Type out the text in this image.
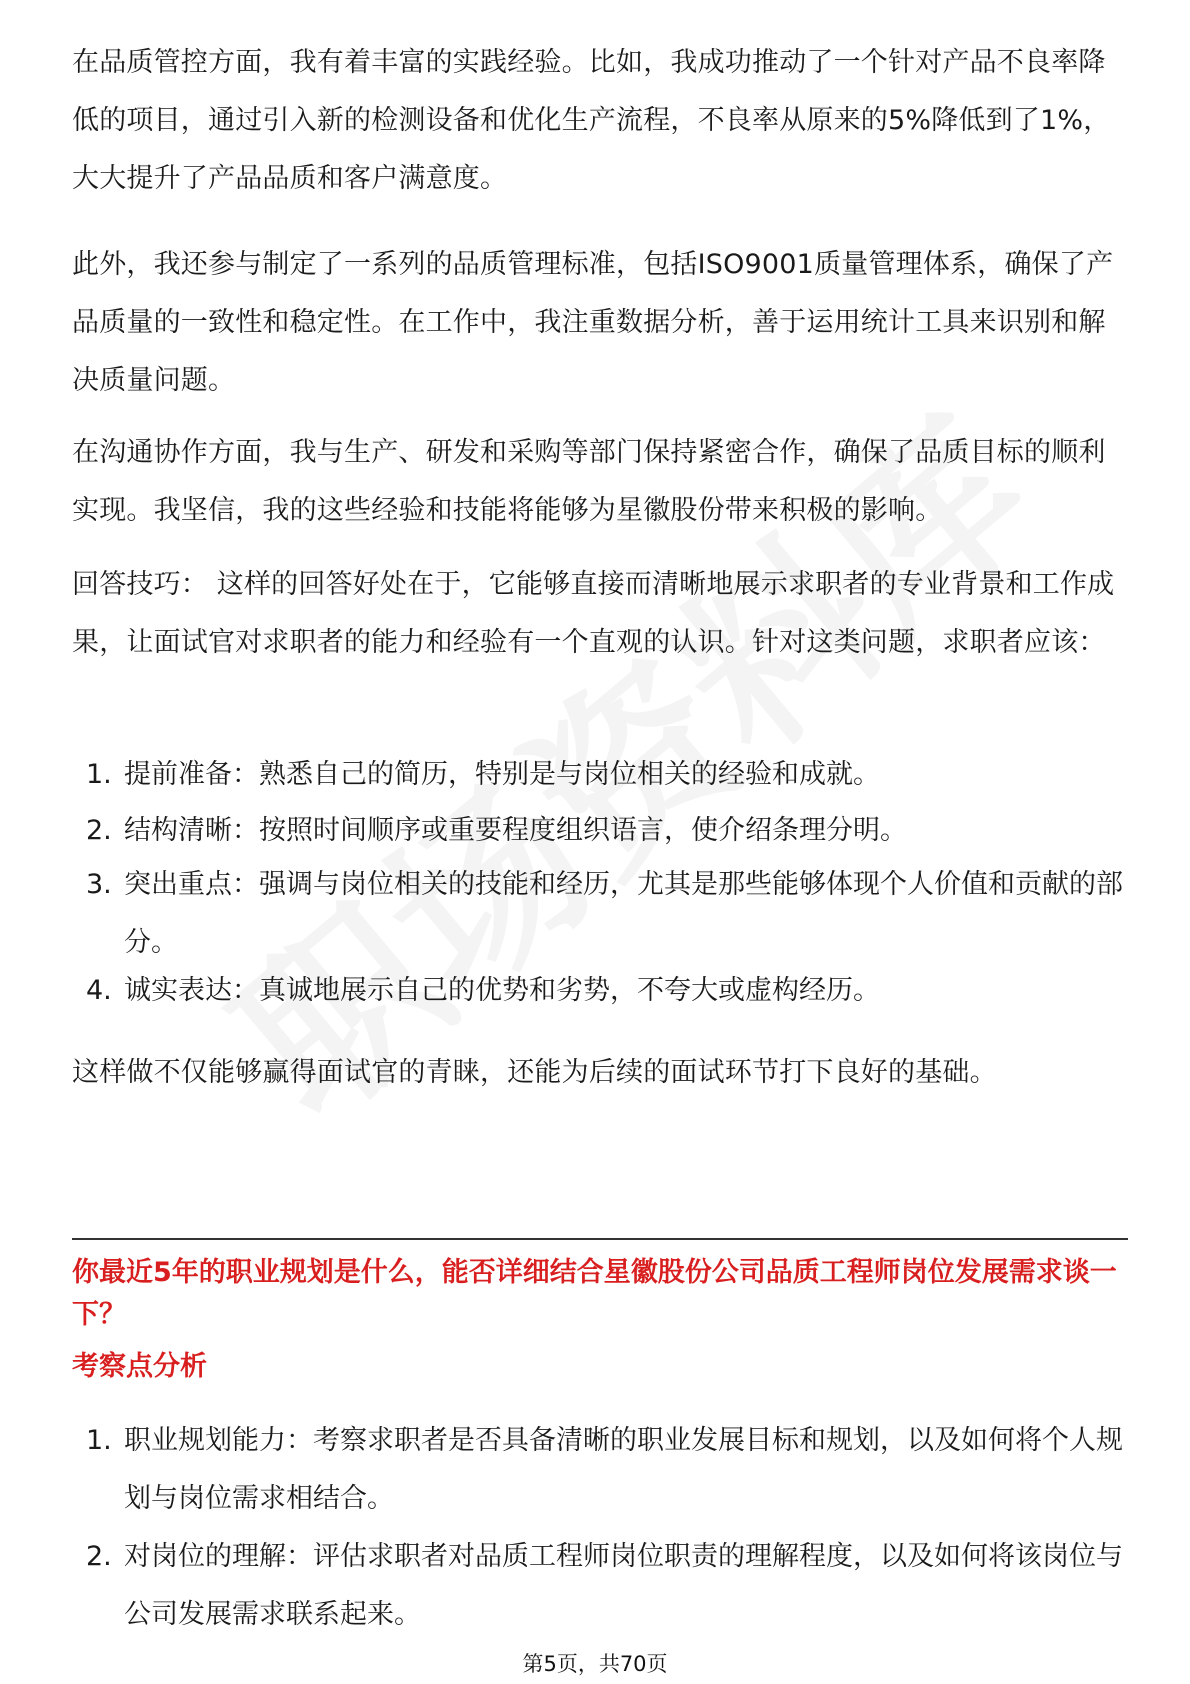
在品质管控方面，我有着丰富的实践经验。比如，我成功推动了一个针对产品不良率降低的项目，通过引入新的检测设备和优化生产流程，不良率从原来的5%降低到了1%，大大提升了产品品质和客户满意度。

此外，我还参与制定了一系列的品质管理标准，包括ISO9001质量管理体系，确保了产品质量的一致性和稳定性。在工作中，我注重数据分析，善于运用统计工具来识别和解决质量问题。

在沟通协作方面，我与生产、研发和采购等部门保持紧密合作，确保了品质目标的顺利实现。我坚信，我的这些经验和技能将能够为星徽股份带来积极的影响。

回答技巧： 这样的回答好处在于，它能够直接而清晰地展示求职者的专业背景和工作成果，让面试官对求职者的能力和经验有一个直观的认识。针对这类问题，求职者应该：

1. 提前准备：熟悉自己的简历，特别是与岗位相关的经验和成就。
2. 结构清晰：按照时间顺序或重要程度组织语言，使介绍条理分明。
3. 突出重点：强调与岗位相关的技能和经历，尤其是那些能够体现个人价值和贡献的部分。
4. 诚实表达：真诚地展示自己的优势和劣势，不夸大或虚构经历。

这样做不仅能够赢得面试官的青睐，还能为后续的面试环节打下良好的基础。

你最近5年的职业规划是什么，能否详细结合星徽股份公司品质工程师岗位发展需求谈一下？
考察点分析
1. 职业规划能力：考察求职者是否具备清晰的职业发展目标和规划，以及如何将个人规划与岗位需求相结合。
2. 对岗位的理解：评估求职者对品质工程师岗位职责的理解程度，以及如何将该岗位与公司发展需求联系起来。
第5页，共70页
